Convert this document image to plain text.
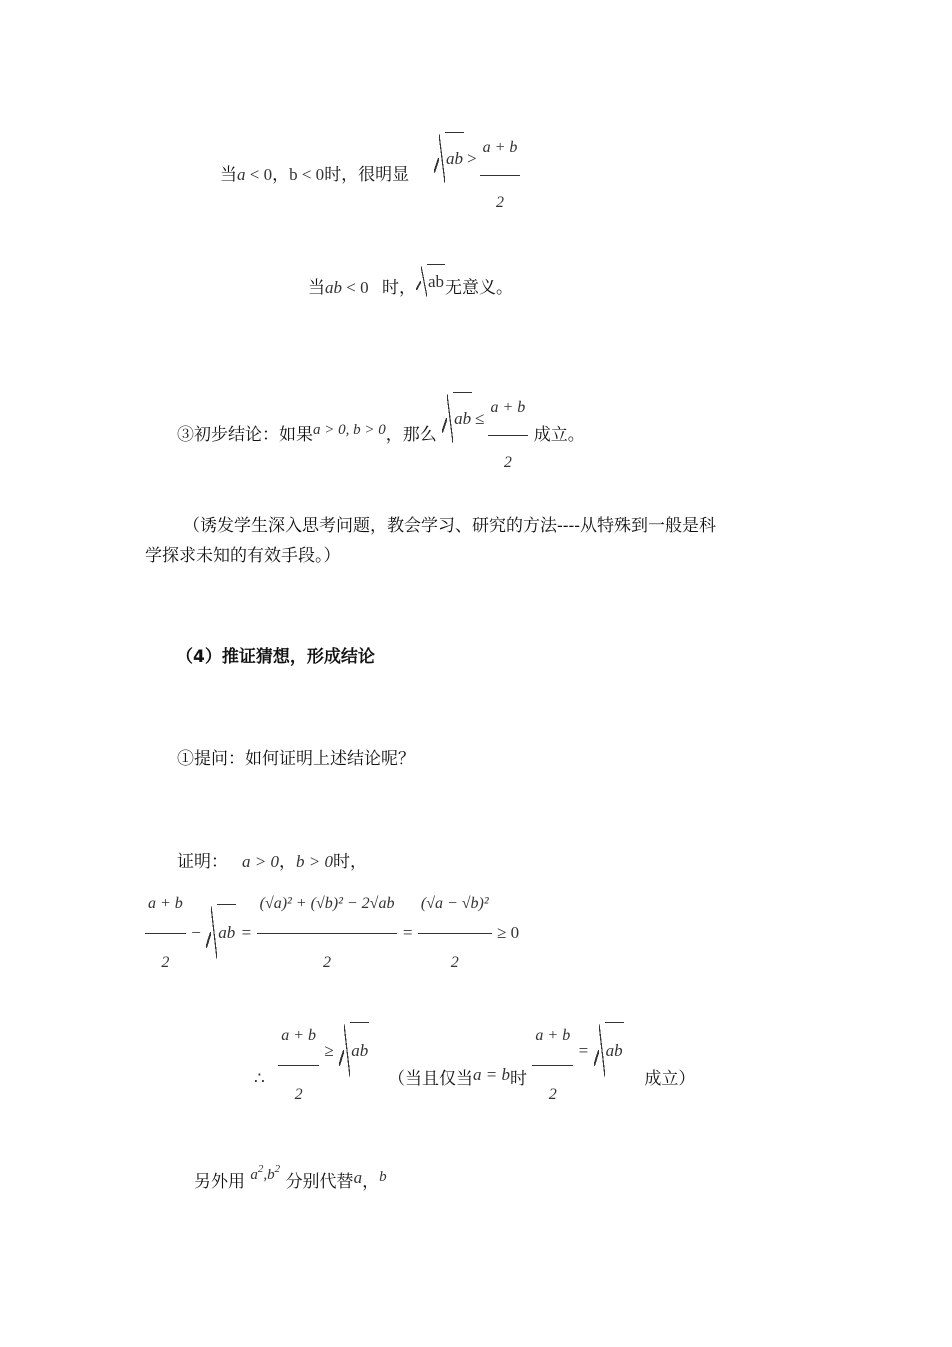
当a < 0，b < 0时，很明显  ab > $\frac{a + b}{2}$
当ab < 0 时， ab无意义。
③初步结论：如果a > 0, b > 0，那么 ab ≤ $\frac{a + b}{2}$ 成立。
（诱发学生深入思考问题，教会学习、研究的方法----从特殊到一般是科
学探求未知的有效手段。）
（4）推证猜想，形成结论
①提问：如何证明上述结论呢？
证明： a > 0，b > 0时，
$\frac{a + b}{2}$ − ab = $\frac{\text{(√a)² + (√b)² − 2√ab}}{2} = \frac{\text{(√a − √b)²}}{2} \ge 0$
∴ $\frac{a + b}{2}$ ≥ ab  （当且仅当a = b时 $\frac{a + b}{2}$ = ab  成立）
另外用 $a^2,b^2$ 分别代替a，b
